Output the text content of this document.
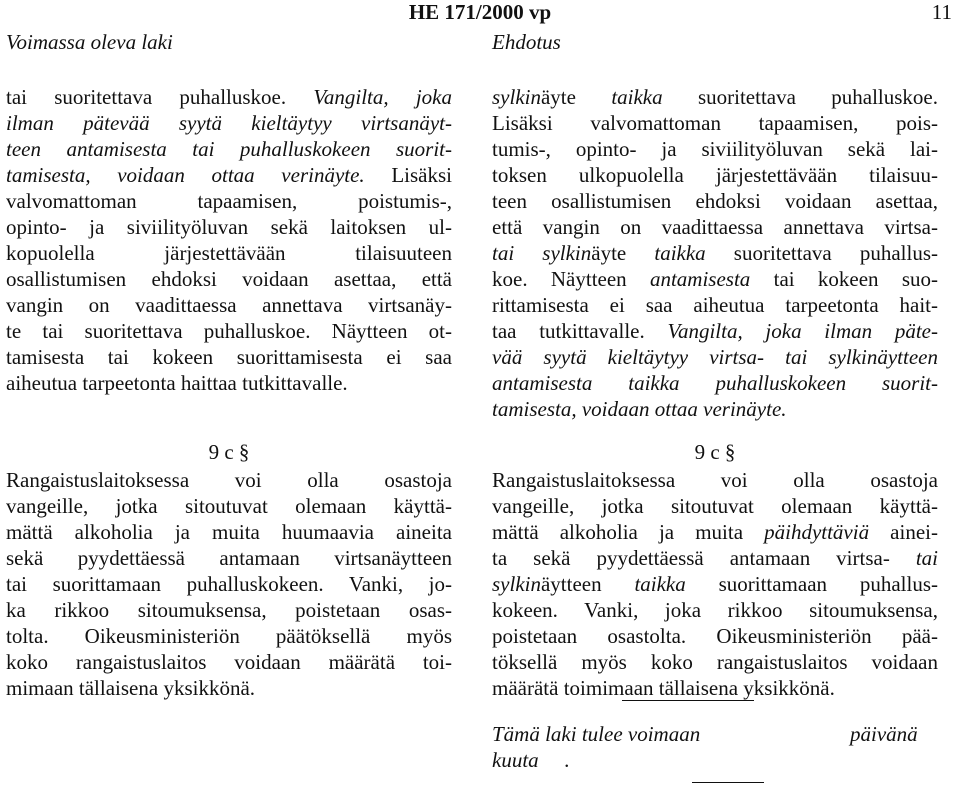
HE 171/2000 vp	11
Voimassa oleva laki	Ehdotus
tai suoritettava puhalluskoe. Vangilta, joka
ilman pätevää syytä kieltäytyy virtsanäyt-
teen antamisesta tai puhalluskokeen suorit-
tamisesta, voidaan ottaa verinäyte. Lisäksi
valvomattoman tapaamisen, poistumis-,
opinto- ja siviilityöluvan sekä laitoksen ul-
kopuolella järjestettävään tilaisuuteen
osallistumisen ehdoksi voidaan asettaa, että
vangin on vaadittaessa annettava virtsanäy-
te tai suoritettava puhalluskoe. Näytteen ot-
tamisesta tai kokeen suorittamisesta ei saa
aiheutua tarpeetonta haittaa tutkittavalle.
9 c §
Rangaistuslaitoksessa voi olla osastoja
vangeille, jotka sitoutuvat olemaan käyttä-
mättä alkoholia ja muita huumaavia aineita
sekä pyydettäessä antamaan virtsanäytteen
tai suorittamaan puhalluskokeen. Vanki, jo-
ka rikkoo sitoumuksensa, poistetaan osas-
tolta. Oikeusministeriön päätöksellä myös
koko rangaistuslaitos voidaan määrätä toi-
mimaan tällaisena yksikkönä.
sylkinäyte taikka suoritettava puhalluskoe.
Lisäksi valvomattoman tapaamisen, pois-
tumis-, opinto- ja siviilityöluvan sekä lai-
toksen ulkopuolella järjestettävään tilaisuu-
teen osallistumisen ehdoksi voidaan asettaa,
että vangin on vaadittaessa annettava virtsa-
tai sylkinäyte taikka suoritettava puhallus-
koe. Näytteen antamisesta tai kokeen suo-
rittamisesta ei saa aiheutua tarpeetonta hait-
taa tutkittavalle. Vangilta, joka ilman päte-
vää syytä kieltäytyy virtsa- tai sylkinäytteen
antamisesta taikka puhalluskokeen suorit-
tamisesta, voidaan ottaa verinäyte.
9 c §
Rangaistuslaitoksessa voi olla osastoja
vangeille, jotka sitoutuvat olemaan käyttä-
mättä alkoholia ja muita päihdyttäviä ainei-
ta sekä pyydettäessä antamaan virtsa- tai
sylkinäytteen taikka suorittamaan puhallus-
kokeen. Vanki, joka rikkoo sitoumuksensa,
poistetaan osastolta. Oikeusministeriön pää-
töksellä myös koko rangaistuslaitos voidaan
määrätä toimimaan tällaisena yksikkönä.
Tämä laki tulee voimaan	päivänä
kuuta .
